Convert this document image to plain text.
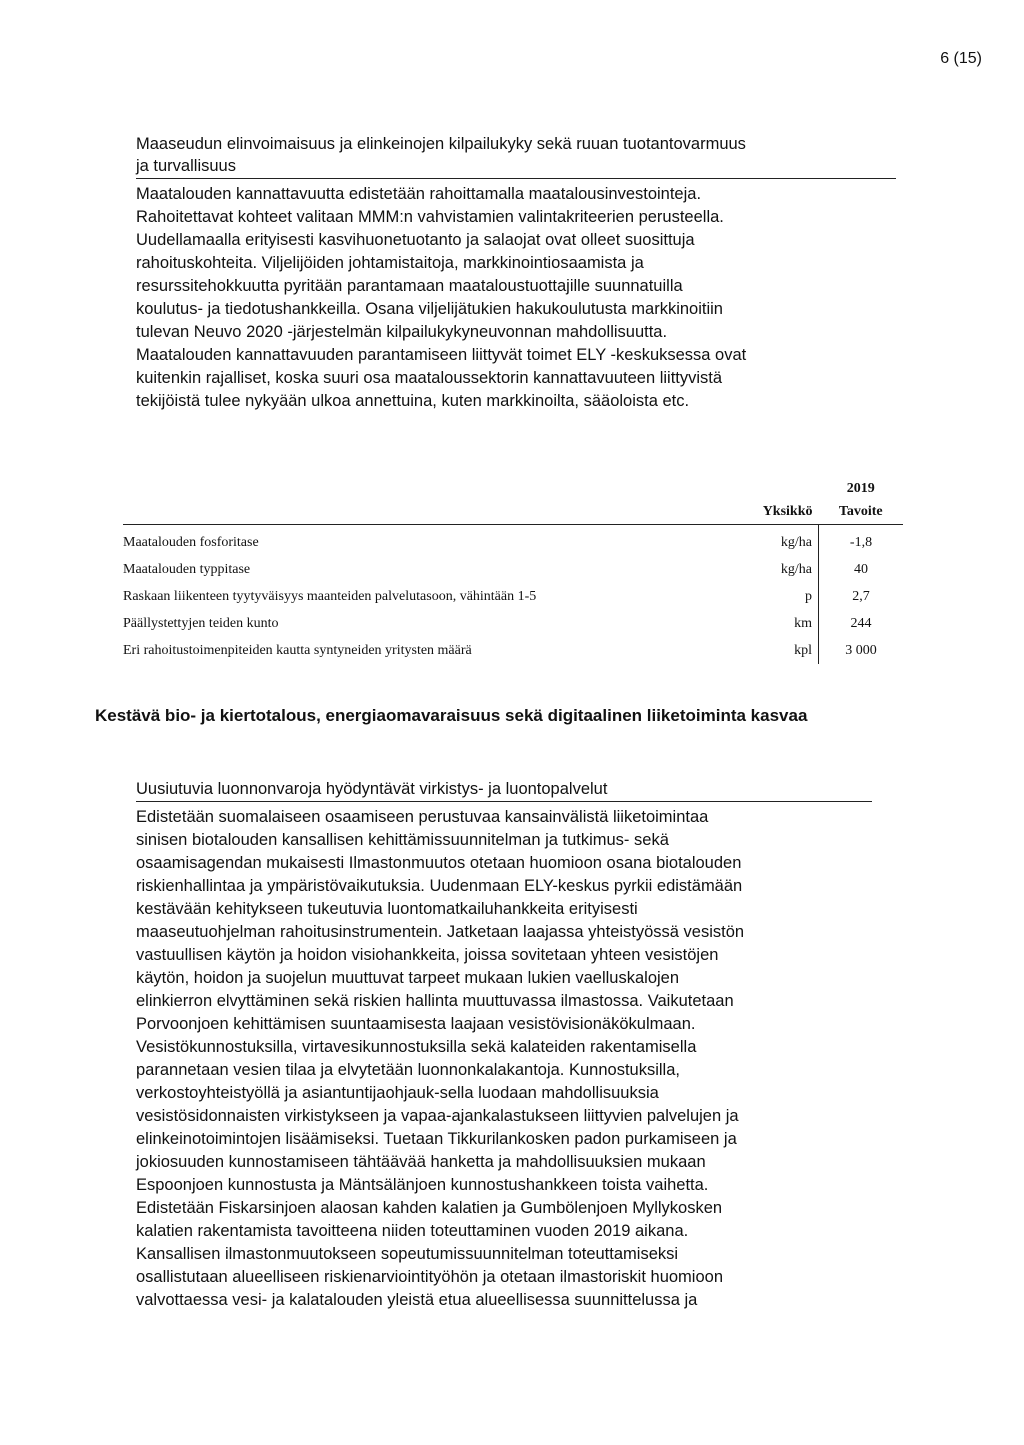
6 (15)
Maaseudun elinvoimaisuus ja elinkeinojen kilpailukyky sekä ruuan tuotantovarmuus
ja turvallisuus

Maatalouden kannattavuutta edistetään rahoittamalla maatalousinvestointeja.

Rahoitettavat kohteet valitaan MMM:n vahvistamien valintakriteerien perusteella.

Uudellamaalla erityisesti kasvihuonetuotanto ja salaojat ovat olleet suosittuja

rahoituskohteita. Viljelijöiden johtamistaitoja, markkinointiosaamista ja

resurssitehokkuutta pyritään parantamaan maataloustuottajille suunnatuilla

koulutus- ja tiedotushankkeilla. Osana viljelijätukien hakukoulutusta markkinoitiin

tulevan Neuvo 2020 -järjestelmän kilpailukykyneuvonnan mahdollisuutta.

Maatalouden kannattavuuden parantamiseen liittyvät toimet ELY -keskuksessa ovat

kuitenkin rajalliset, koska suuri osa maataloussektorin kannattavuuteen liittyvistä

tekijöistä tulee nykyään ulkoa annettuina, kuten markkinoilta, sääoloista etc.

		2019
	Yksikkö	Tavoite
Maatalouden fosforitase	kg/ha	-1,8
Maatalouden typpitase	kg/ha	40
Raskaan liikenteen tyytyväisyys maanteiden palvelutasoon, vähintään 1-5	p	2,7
Päällystettyjen teiden kunto	km	244
Eri rahoitustoimenpiteiden kautta syntyneiden yritysten määrä	kpl	3 000
Kestävä bio- ja kiertotalous, energiaomavaraisuus sekä digitaalinen liiketoiminta kasvaa
Uusiutuvia luonnonvaroja hyödyntävät virkistys- ja luontopalvelut

Edistetään suomalaiseen osaamiseen perustuvaa kansainvälistä liiketoimintaa

sinisen biotalouden kansallisen kehittämissuunnitelman ja tutkimus- sekä

osaamisagendan mukaisesti Ilmastonmuutos otetaan huomioon osana biotalouden

riskienhallintaa ja ympäristövaikutuksia. Uudenmaan ELY-keskus pyrkii edistämään

kestävään kehitykseen tukeutuvia luontomatkailuhankkeita erityisesti

maaseutuohjelman rahoitusinstrumentein. Jatketaan laajassa yhteistyössä vesistön

vastuullisen käytön ja hoidon visiohankkeita, joissa sovitetaan yhteen vesistöjen

käytön, hoidon ja suojelun muuttuvat tarpeet mukaan lukien vaelluskalojen

elinkierron elvyttäminen sekä riskien hallinta muuttuvassa ilmastossa. Vaikutetaan

Porvoonjoen kehittämisen suuntaamisesta laajaan vesistövisionäkökulmaan.

Vesistökunnostuksilla, virtavesikunnostuksilla sekä kalateiden rakentamisella

parannetaan vesien tilaa ja elvytetään luonnonkalakantoja. Kunnostuksilla,

verkostoyhteistyöllä ja asiantuntijaohjauk-sella luodaan mahdollisuuksia

vesistösidonnaisten virkistykseen ja vapaa-ajankalastukseen liittyvien palvelujen ja

elinkeinotoimintojen lisäämiseksi. Tuetaan Tikkurilankosken padon purkamiseen ja

jokiosuuden kunnostamiseen tähtäävää hanketta ja mahdollisuuksien mukaan

Espoonjoen kunnostusta ja Mäntsälänjoen kunnostushankkeen toista vaihetta.

Edistetään Fiskarsinjoen alaosan kahden kalatien ja Gumbölenjoen Myllykosken

kalatien rakentamista tavoitteena niiden toteuttaminen vuoden 2019 aikana.

Kansallisen ilmastonmuutokseen sopeutumissuunnitelman toteuttamiseksi

osallistutaan alueelliseen riskienarviointityöhön ja otetaan ilmastoriskit huomioon

valvottaessa vesi- ja kalatalouden yleistä etua alueellisessa suunnittelussa ja
